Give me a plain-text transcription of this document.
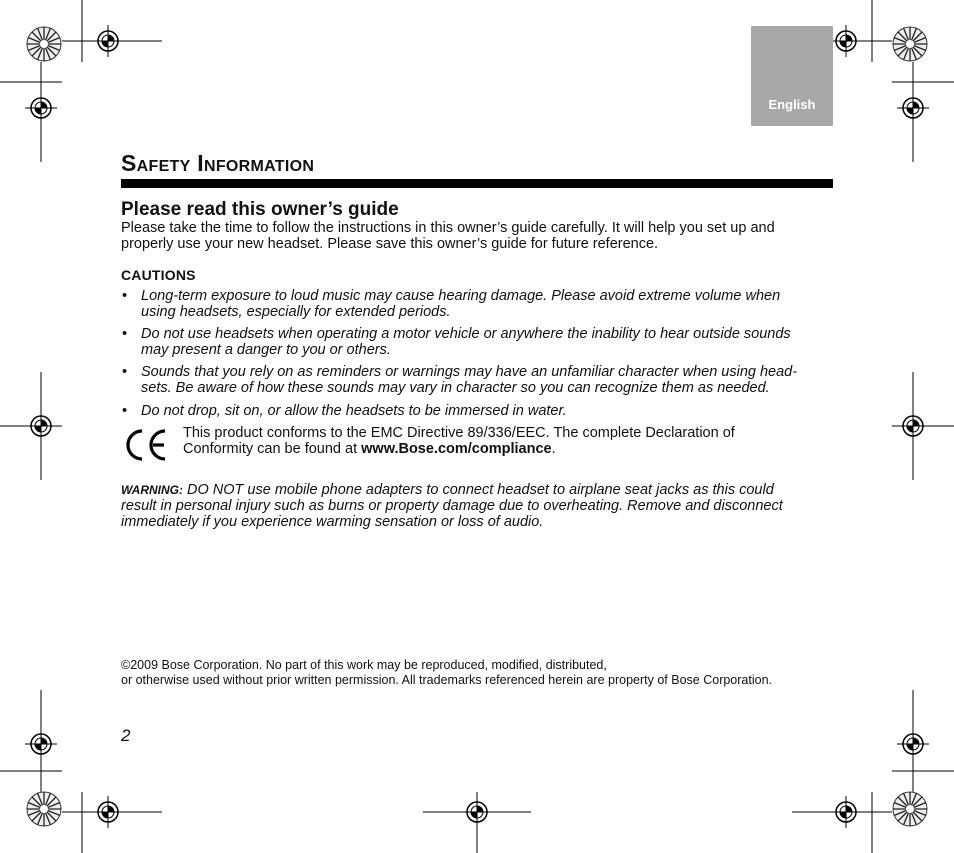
English
Safety Information
Please read this owner’s guide
Please take the time to follow the instructions in this owner’s guide carefully. It will help you set up and
properly use your new headset. Please save this owner’s guide for future reference.
CAUTIONS
• Long-term exposure to loud music may cause hearing damage. Please avoid extreme volume when
using headsets, especially for extended periods.
• Do not use headsets when operating a motor vehicle or anywhere the inability to hear outside sounds
may present a danger to you or others.
• Sounds that you rely on as reminders or warnings may have an unfamiliar character when using head-
sets. Be aware of how these sounds may vary in character so you can recognize them as needed.
• Do not drop, sit on, or allow the headsets to be immersed in water.
This product conforms to the EMC Directive 89/336/EEC. The complete Declaration of
Conformity can be found at www.Bose.com/compliance.
WARNING: DO NOT use mobile phone adapters to connect headset to airplane seat jacks as this could
result in personal injury such as burns or property damage due to overheating. Remove and disconnect
immediately if you experience warming sensation or loss of audio.
©2009 Bose Corporation. No part of this work may be reproduced, modified, distributed,
or otherwise used without prior written permission. All trademarks referenced herein are property of Bose Corporation.
2
